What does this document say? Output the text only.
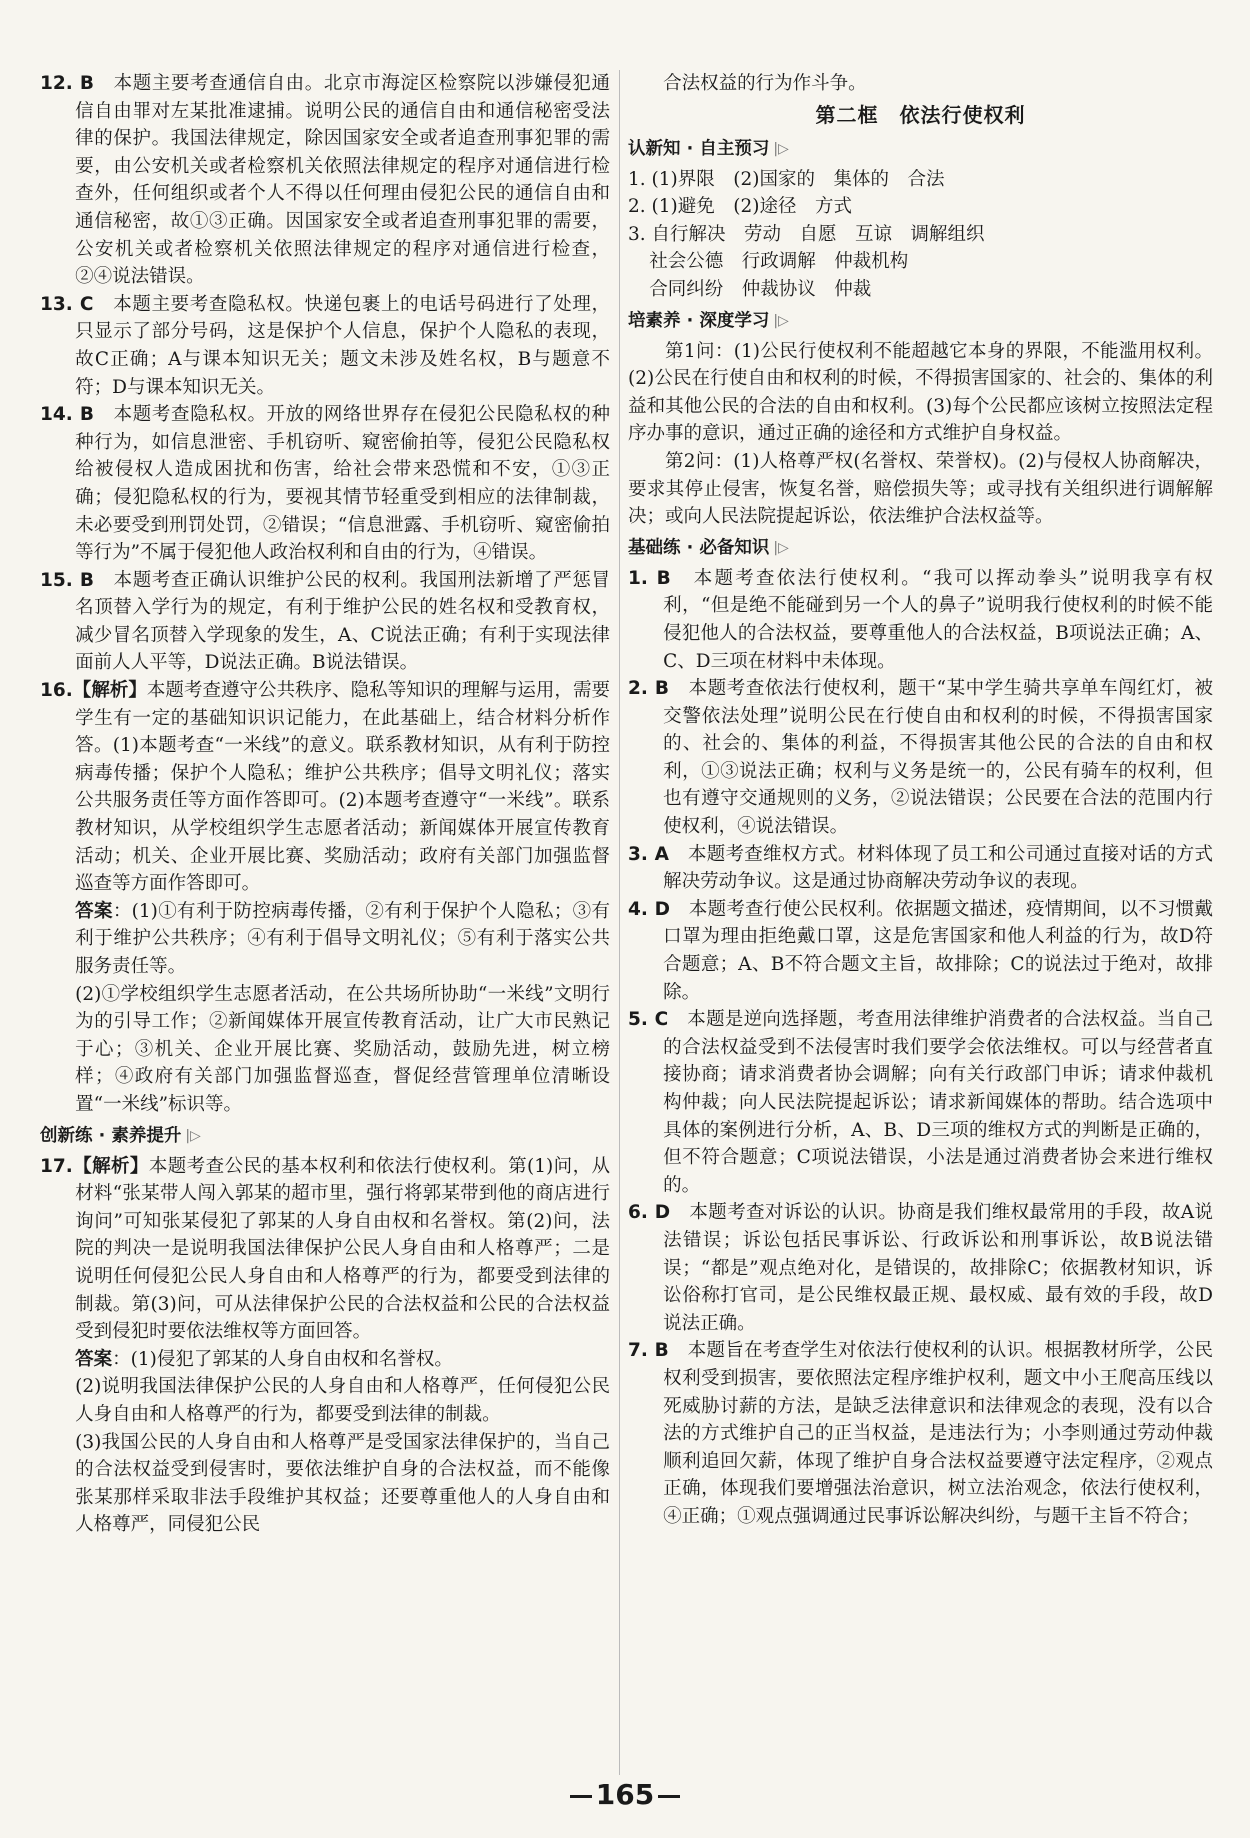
12. B　 本题主要考查通信自由。北京市海淀区检察院以涉嫌侵犯通信自由罪对左某批准逮捕。说明公民的通信自由和通信秘密受法律的保护。我国法律规定，除因国家安全或者追查刑事犯罪的需要，由公安机关或者检察机关依照法律规定的程序对通信进行检查外，任何组织或者个人不得以任何理由侵犯公民的通信自由和通信秘密，故①③正确。因国家安全或者追查刑事犯罪的需要，公安机关或者检察机关依照法律规定的程序对通信进行检查，②④说法错误。

13. C　 本题主要考查隐私权。快递包裹上的电话号码进行了处理，只显示了部分号码，这是保护个人信息，保护个人隐私的表现，故C正确；A与课本知识无关；题文未涉及姓名权，B与题意不符；D与课本知识无关。

14. B　 本题考查隐私权。开放的网络世界存在侵犯公民隐私权的种种行为，如信息泄密、手机窃听、窥密偷拍等，侵犯公民隐私权给被侵权人造成困扰和伤害，给社会带来恐慌和不安，①③正确；侵犯隐私权的行为，要视其情节轻重受到相应的法律制裁，未必要受到刑罚处罚，②错误；“信息泄露、手机窃听、窥密偷拍等行为”不属于侵犯他人政治权利和自由的行为，④错误。

15. B　 本题考查正确认识维护公民的权利。我国刑法新增了严惩冒名顶替入学行为的规定，有利于维护公民的姓名权和受教育权，减少冒名顶替入学现象的发生，A、C说法正确；有利于实现法律面前人人平等，D说法正确。B说法错误。

16.【解析】本题考查遵守公共秩序、隐私等知识的理解与运用，需要学生有一定的基础知识识记能力，在此基础上，结合材料分析作答。(1)本题考查“一米线”的意义。联系教材知识，从有利于防控病毒传播；保护个人隐私；维护公共秩序；倡导文明礼仪；落实公共服务责任等方面作答即可。(2)本题考查遵守“一米线”。联系教材知识，从学校组织学生志愿者活动；新闻媒体开展宣传教育活动；机关、企业开展比赛、奖励活动；政府有关部门加强监督巡查等方面作答即可。

答案：(1)①有利于防控病毒传播，②有利于保护个人隐私；③有利于维护公共秩序；④有利于倡导文明礼仪；⑤有利于落实公共服务责任等。

(2)①学校组织学生志愿者活动，在公共场所协助“一米线”文明行为的引导工作；②新闻媒体开展宣传教育活动，让广大市民熟记于心；③机关、企业开展比赛、奖励活动，鼓励先进，树立榜样；④政府有关部门加强监督巡查，督促经营管理单位清晰设置“一米线”标识等。

创新练 · 素养提升 |▷

17.【解析】本题考查公民的基本权利和依法行使权利。第(1)问，从材料“张某带人闯入郭某的超市里，强行将郭某带到他的商店进行询问”可知张某侵犯了郭某的人身自由权和名誉权。第(2)问，法院的判决一是说明我国法律保护公民人身自由和人格尊严；二是说明任何侵犯公民人身自由和人格尊严的行为，都要受到法律的制裁。第(3)问，可从法律保护公民的合法权益和公民的合法权益受到侵犯时要依法维权等方面回答。

答案：(1)侵犯了郭某的人身自由权和名誉权。

(2)说明我国法律保护公民的人身自由和人格尊严，任何侵犯公民人身自由和人格尊严的行为，都要受到法律的制裁。

(3)我国公民的人身自由和人格尊严是受国家法律保护的，当自己的合法权益受到侵害时，要依法维护自身的合法权益，而不能像张某那样采取非法手段维护其权益；还要尊重他人的人身自由和人格尊严，同侵犯公民

合法权益的行为作斗争。

第二框　依法行使权利
认新知 · 自主预习 |▷

1. (1)界限　(2)国家的　集体的　合法

2. (1)避免　(2)途径　方式

3. 自行解决　劳动　自愿　互谅　调解组织

社会公德　行政调解　仲裁机构

合同纠纷　仲裁协议　仲裁

培素养 · 深度学习 |▷

第1问：(1)公民行使权利不能超越它本身的界限，不能滥用权利。(2)公民在行使自由和权利的时候，不得损害国家的、社会的、集体的利益和其他公民的合法的自由和权利。(3)每个公民都应该树立按照法定程序办事的意识，通过正确的途径和方式维护自身权益。

第2问：(1)人格尊严权(名誉权、荣誉权)。(2)与侵权人协商解决，要求其停止侵害，恢复名誉，赔偿损失等；或寻找有关组织进行调解解决；或向人民法院提起诉讼，依法维护合法权益等。

基础练 · 必备知识 |▷

1. B　 本题考查依法行使权利。“我可以挥动拳头”说明我享有权利，“但是绝不能碰到另一个人的鼻子”说明我行使权利的时候不能侵犯他人的合法权益，要尊重他人的合法权益，B项说法正确；A、C、D三项在材料中未体现。

2. B　 本题考查依法行使权利，题干“某中学生骑共享单车闯红灯，被交警依法处理”说明公民在行使自由和权利的时候，不得损害国家的、社会的、集体的利益，不得损害其他公民的合法的自由和权利，①③说法正确；权利与义务是统一的，公民有骑车的权利，但也有遵守交通规则的义务，②说法错误；公民要在合法的范围内行使权利，④说法错误。

3. A　 本题考查维权方式。材料体现了员工和公司通过直接对话的方式解决劳动争议。这是通过协商解决劳动争议的表现。

4. D　 本题考查行使公民权利。依据题文描述，疫情期间，以不习惯戴口罩为理由拒绝戴口罩，这是危害国家和他人利益的行为，故D符合题意；A、B不符合题文主旨，故排除；C的说法过于绝对，故排除。

5. C　 本题是逆向选择题，考查用法律维护消费者的合法权益。当自己的合法权益受到不法侵害时我们要学会依法维权。可以与经营者直接协商；请求消费者协会调解；向有关行政部门申诉；请求仲裁机构仲裁；向人民法院提起诉讼；请求新闻媒体的帮助。结合选项中具体的案例进行分析，A、B、D三项的维权方式的判断是正确的，但不符合题意；C项说法错误，小法是通过消费者协会来进行维权的。

6. D　 本题考查对诉讼的认识。协商是我们维权最常用的手段，故A说法错误；诉讼包括民事诉讼、行政诉讼和刑事诉讼，故B说法错误；“都是”观点绝对化，是错误的，故排除C；依据教材知识，诉讼俗称打官司，是公民维权最正规、最权威、最有效的手段，故D说法正确。

7. B　 本题旨在考查学生对依法行使权利的认识。根据教材所学，公民权利受到损害，要依照法定程序维护权利，题文中小王爬高压线以死威胁讨薪的方法，是缺乏法律意识和法律观念的表现，没有以合法的方式维护自己的正当权益，是违法行为；小李则通过劳动仲裁顺利追回欠薪，体现了维护自身合法权益要遵守法定程序，②观点正确，体现我们要增强法治意识，树立法治观念，依法行使权利，④正确；①观点强调通过民事诉讼解决纠纷，与题干主旨不符合；

165
